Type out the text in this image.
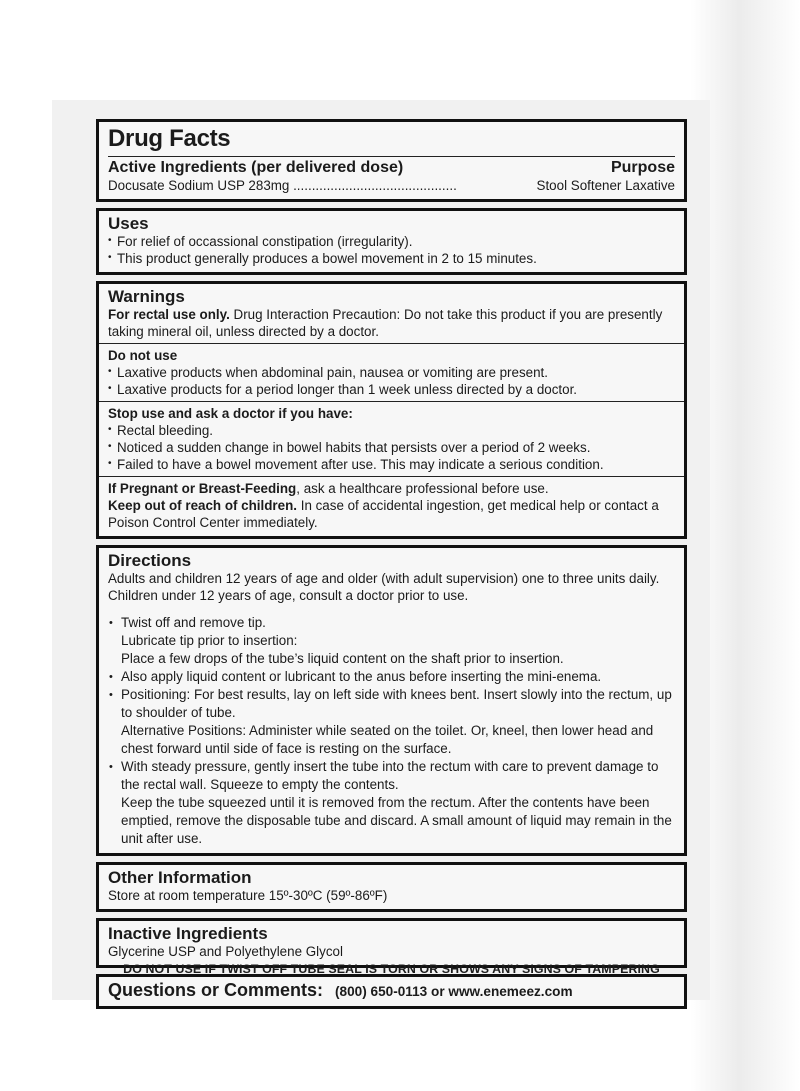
Drug Facts
Active Ingredients (per delivered dose)	Purpose
Docusate Sodium USP 283mg ............................................	Stool Softener Laxative
Uses
• For relief of occassional constipation (irregularity).
• This product generally produces a bowel movement in 2 to 15 minutes.
Warnings

For rectal use only. Drug Interaction Precaution: Do not take this product if you are presently taking mineral oil, unless directed by a doctor.

Do not use
• Laxative products when abdominal pain, nausea or vomiting are present.
• Laxative products for a period longer than 1 week unless directed by a doctor.
Stop use and ask a doctor if you have:
• Rectal bleeding.
• Noticed a sudden change in bowel habits that persists over a period of 2 weeks.
• Failed to have a bowel movement after use. This may indicate a serious condition.

If Pregnant or Breast-Feeding, ask a healthcare professional before use.

Keep out of reach of children. In case of accidental ingestion, get medical help or contact a Poison Control Center immediately.

Directions

Adults and children 12 years of age and older (with adult supervision) one to three units daily. Children under 12 years of age, consult a doctor prior to use.

• Twist off and remove tip.
Lubricate tip prior to insertion:
Place a few drops of the tube’s liquid content on the shaft prior to insertion.
• Also apply liquid content or lubricant to the anus before inserting the mini-enema.
• Positioning: For best results, lay on left side with knees bent. Insert slowly into the rectum, up to shoulder of tube.
Alternative Positions: Administer while seated on the toilet. Or, kneel, then lower head and chest forward until side of face is resting on the surface.
• With steady pressure, gently insert the tube into the rectum with care to prevent damage to the rectal wall. Squeeze to empty the contents.
Keep the tube squeezed until it is removed from the rectum. After the contents have been emptied, remove the disposable tube and discard. A small amount of liquid may remain in the unit after use.
Other Information

Store at room temperature 15º-30ºC (59º-86ºF)

Inactive Ingredients

Glycerine USP and Polyethylene Glycol

Questions or Comments: (800) 650-0113 or www.enemeez.com
DO NOT USE IF TWIST OFF TUBE SEAL IS TORN OR SHOWS ANY SIGNS OF TAMPERING
